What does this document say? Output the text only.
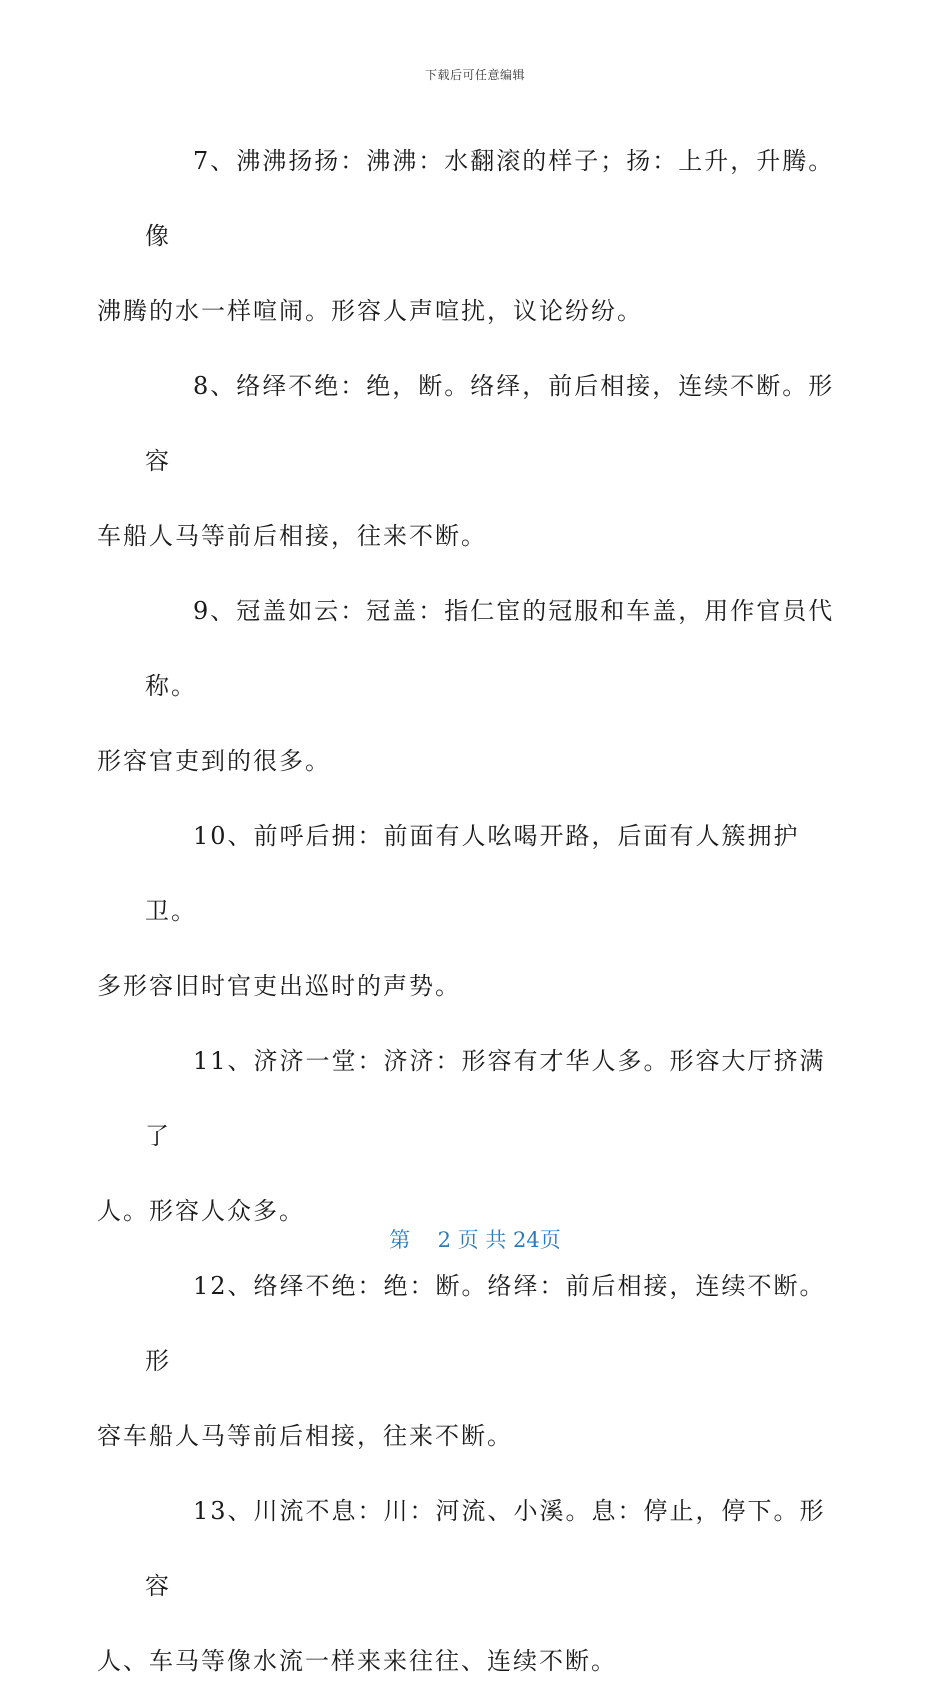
下载后可任意编辑

7、沸沸扬扬：沸沸：水翻滚的样子；扬：上升，升腾。像
沸腾的水一样喧闹。形容人声喧扰，议论纷纷。

8、络绎不绝：绝，断。络绎，前后相接，连续不断。形容
车船人马等前后相接，往来不断。

9、冠盖如云：冠盖：指仁宦的冠服和车盖，用作官员代称。
形容官吏到的很多。

10、前呼后拥：前面有人吆喝开路，后面有人簇拥护卫。
多形容旧时官吏出巡时的声势。

11、济济一堂：济济：形容有才华人多。形容大厅挤满了
人。形容人众多。

12、络绎不绝：绝：断。络绎：前后相接，连续不断。形
容车船人马等前后相接，往来不断。

13、川流不息：川：河流、小溪。息：停止，停下。形容
人、车马等像水流一样来来往往、连续不断。

第 2 页 共 24页
